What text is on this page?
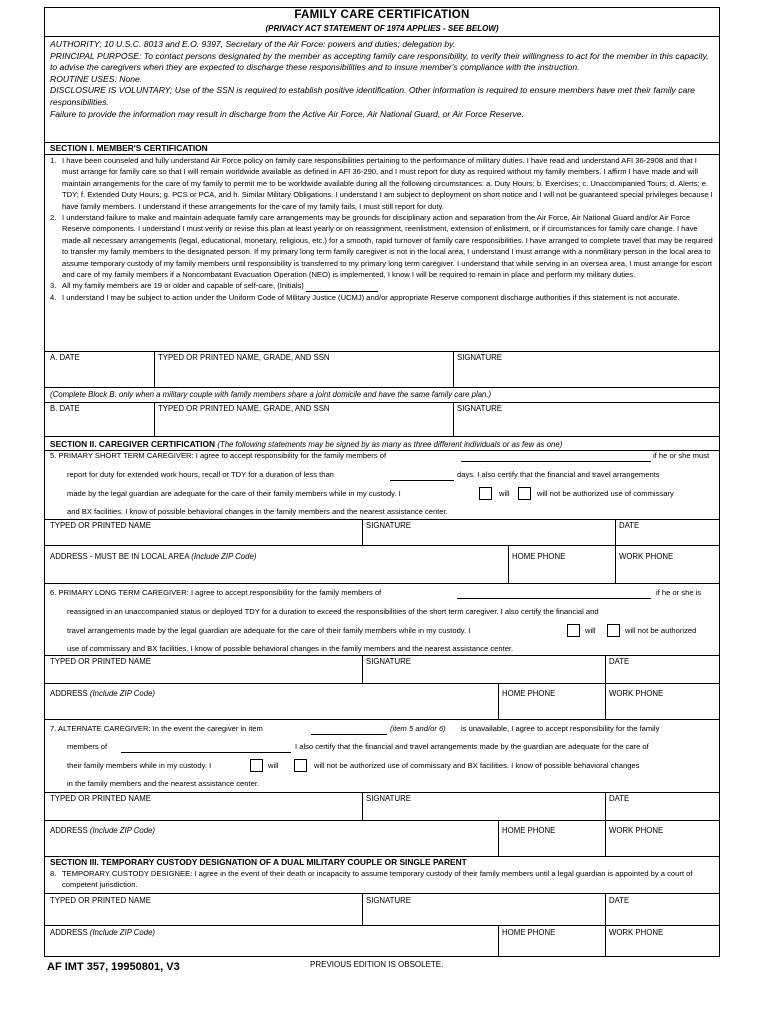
FAMILY CARE CERTIFICATION
(PRIVACY ACT STATEMENT OF 1974 APPLIES - SEE BELOW)

AUTHORITY; 10 U.S.C. 8013 and E.O. 9397, Secretary of the Air Force: powers and duties; delegation by.

PRINCIPAL PURPOSE: To contact persons designated by the member as accepting family care responsibility, to verify their willingness to act for the member in this capacity, to advise the caregivers when they are expected to discharge these responsibilities and to insure member's compliance with the instruction.

ROUTINE USES: None.

DISCLOSURE IS VOLUNTARY; Use of the SSN is required to establish positive identification. Other information is required to ensure members have met their family care responsibilities.

Failure to provide the information may result in discharge from the Active Air Force, Air National Guard, or Air Force Reserve.

SECTION I. MEMBER'S CERTIFICATION

1. I have been counseled and fully understand Air Force policy on family care responsibilities pertaining to the performance of military duties. I have read and understand AFI 36-2908 and that I must arrange for family care so that I will remain worldwide available as defined in AFI 36-290, and I must report for duty as required without my family members. I affirm I have made and will maintain arrangements for the care of my family to permit me to be worldwide available during all the following circumstances: a. Duty Hours; b. Exercises; c. Unaccompanied Tours; d. Alerts; e. TDY; f. Extended Duty Hours; g. PCS or PCA, and h. Similar Military Obligations. I understand I am subject to deployment on short notice and I will not be guaranteed special privileges because I have family members. I understand if these arrangements for the care of my family fails, I must still report for duty.

2. I understand failure to make and maintain adequate family care arrangements may be grounds for disciplinary action and separation from the Air Force, Air National Guard and/or Air Force Reserve components. I understand I must verify or revise this plan at least yearly or on reassignment, reenlistment, extension of enlistment, or if circumstances for family care change. I have made all necessary arrangements (legal, educational, monetary, religious, etc.) for a smooth, rapid turnover of family care responsibilities. I have arranged to complete travel that may be required to transfer my family members to the designated person. If my primary long term family caregiver is not in the local area, I understand I must arrange with a nonmilitary person in the local area to assume temporary custody of my family members until responsibility is transferred to my primary long term caregiver. I understand that while serving in an oversea area, I must arrange for escort and care of my family members if a Noncombatant Evacuation Operation (NEO) is implemented, I know I will be required to remain in place and perform my military duties.

3. All my family members are 19 or older and capable of self-care, (Initials)

4. I understand I may be subject to action under the Uniform Code of Military Justice (UCMJ) and/or appropriate Reserve component discharge authorities if this statement is not accurate.

A. DATE	TYPED OR PRINTED NAME, GRADE, AND SSN	SIGNATURE
(Complete Block B. only when a military couple with family members share a joint domicile and have the same family care plan.)
B. DATE	TYPED OR PRINTED NAME, GRADE, AND SSN	SIGNATURE
SECTION II. CAREGIVER CERTIFICATION (The following statements may be signed by as many as three different individuals or as few as one)
5. PRIMARY SHORT TERM CAREGIVER: I agree to accept responsibility for the family members of	if he or she must
report for duty for extended work hours, recall or TDY for a duration of less than	days. I also certify that the financial and travel arrangements
made by the legal guardian are adequate for the care of their family members while in my custody. I	will	will not be authorized use of commissary
and BX facilities. I know of possible behavioral changes in the family members and the nearest assistance center.
TYPED OR PRINTED NAME	SIGNATURE	DATE
ADDRESS - MUST BE IN LOCAL AREA (Include ZIP Code)	HOME PHONE	WORK PHONE
6. PRIMARY LONG TERM CAREGIVER: I agree to accept responsibility for the family members of	if he or she is
reassigned in an unaccompanied status or deployed TDY for a duration to exceed the responsibilities of the short term caregiver. I also certify the financial and
travel arrangements made by the legal guardian are adequate for the care of their family members while in my custody. I	will	will not be authorized
use of commissary and BX facilities. I know of possible behavioral changes in the family members and the nearest assistance center.
TYPED OR PRINTED NAME	SIGNATURE	DATE
ADDRESS (Include ZIP Code)	HOME PHONE	WORK PHONE
7. ALTERNATE CAREGIVER: In the event the caregiver in item	(item 5 and/or 6) is unavailable, I agree to accept responsibility for the family
members of	I also certify that the financial and travel arrangements made by the guardian are adequate for the care of
their family members while in my custody. I	will	will not be authorized use of commissary and BX facilities. I know of possible behavioral changes
in the family members and the nearest assistance center.
TYPED OR PRINTED NAME	SIGNATURE	DATE
ADDRESS (Include ZIP Code)	HOME PHONE	WORK PHONE
SECTION III. TEMPORARY CUSTODY DESIGNATION OF A DUAL MILITARY COUPLE OR SINGLE PARENT

8. TEMPORARY CUSTODY DESIGNEE: I agree in the event of their death or incapacity to assume temporary custody of their family members until a legal guardian is appointed by a court of competent jurisdiction.

TYPED OR PRINTED NAME	SIGNATURE	DATE
ADDRESS (Include ZIP Code)	HOME PHONE	WORK PHONE
AF IMT 357, 19950801, V3	PREVIOUS EDITION IS OBSOLETE.
